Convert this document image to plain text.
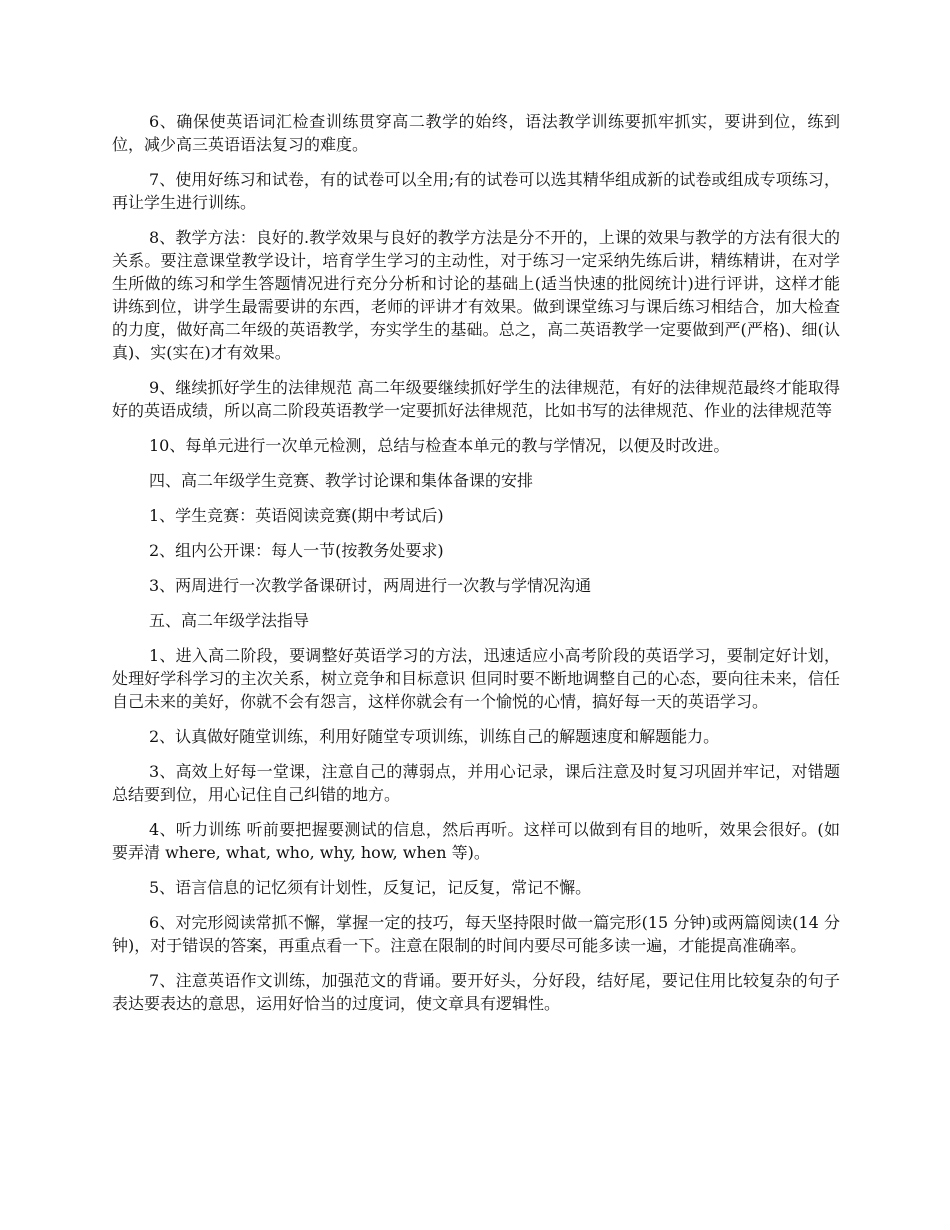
6、确保使英语词汇检查训练贯穿高二教学的始终，语法教学训练要抓牢抓实，要讲到位，练到位，减少高三英语语法复习的难度。

7、使用好练习和试卷，有的试卷可以全用;有的试卷可以选其精华组成新的试卷或组成专项练习，再让学生进行训练。

8、教学方法：良好的.教学效果与良好的教学方法是分不开的，上课的效果与教学的方法有很大的关系。要注意课堂教学设计，培育学生学习的主动性，对于练习一定采纳先练后讲，精练精讲，在对学生所做的练习和学生答题情况进行充分分析和讨论的基础上(适当快速的批阅统计)进行评讲，这样才能讲练到位，讲学生最需要讲的东西，老师的评讲才有效果。做到课堂练习与课后练习相结合，加大检查的力度，做好高二年级的英语教学，夯实学生的基础。总之，高二英语教学一定要做到严(严格)、细(认真)、实(实在)才有效果。

9、继续抓好学生的法律规范 高二年级要继续抓好学生的法律规范，有好的法律规范最终才能取得好的英语成绩，所以高二阶段英语教学一定要抓好法律规范，比如书写的法律规范、作业的法律规范等

10、每单元进行一次单元检测，总结与检查本单元的教与学情况，以便及时改进。

四、高二年级学生竞赛、教学讨论课和集体备课的安排

1、学生竞赛：英语阅读竞赛(期中考试后)

2、组内公开课：每人一节(按教务处要求)

3、两周进行一次教学备课研讨，两周进行一次教与学情况沟通

五、高二年级学法指导

1、进入高二阶段，要调整好英语学习的方法，迅速适应小高考阶段的英语学习，要制定好计划，处理好学科学习的主次关系，树立竞争和目标意识 但同时要不断地调整自己的心态，要向往未来，信任自己未来的美好，你就不会有怨言，这样你就会有一个愉悦的心情，搞好每一天的英语学习。

2、认真做好随堂训练，利用好随堂专项训练，训练自己的解题速度和解题能力。

3、高效上好每一堂课，注意自己的薄弱点，并用心记录，课后注意及时复习巩固并牢记，对错题总结要到位，用心记住自己纠错的地方。

4、听力训练 听前要把握要测试的信息，然后再听。这样可以做到有目的地听，效果会很好。(如要弄清 where, what, who, why, how, when 等)。

5、语言信息的记忆须有计划性，反复记，记反复，常记不懈。

6、对完形阅读常抓不懈，掌握一定的技巧，每天坚持限时做一篇完形(15 分钟)或两篇阅读(14 分钟)，对于错误的答案，再重点看一下。注意在限制的时间内要尽可能多读一遍，才能提高准确率。

7、注意英语作文训练，加强范文的背诵。要开好头，分好段，结好尾，要记住用比较复杂的句子表达要表达的意思，运用好恰当的过度词，使文章具有逻辑性。
